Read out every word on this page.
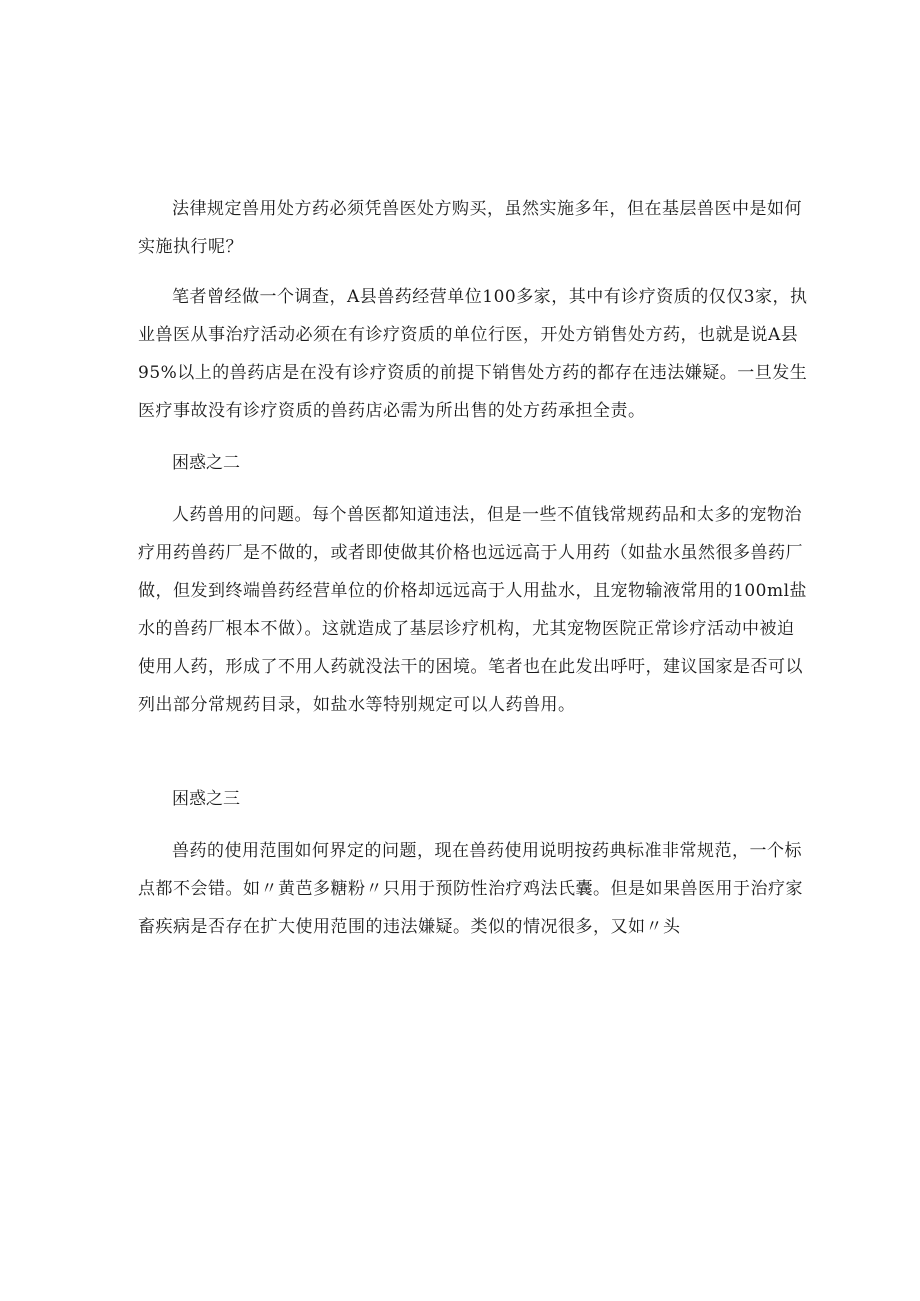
法律规定兽用处方药必须凭兽医处方购买，虽然实施多年，但在基层兽医中是如何
实施执行呢？

笔者曾经做一个调查，A县兽药经营单位100多家，其中有诊疗资质的仅仅3家，执
业兽医从事治疗活动必须在有诊疗资质的单位行医，开处方销售处方药，也就是说A县
95%以上的兽药店是在没有诊疗资质的前提下销售处方药的都存在违法嫌疑。一旦发生
医疗事故没有诊疗资质的兽药店必需为所出售的处方药承担全责。

困惑之二

人药兽用的问题。每个兽医都知道违法，但是一些不值钱常规药品和太多的宠物治
疗用药兽药厂是不做的，或者即使做其价格也远远高于人用药（如盐水虽然很多兽药厂
做，但发到终端兽药经营单位的价格却远远高于人用盐水，且宠物输液常用的100ml盐
水的兽药厂根本不做）。这就造成了基层诊疗机构，尤其宠物医院正常诊疗活动中被迫
使用人药，形成了不用人药就没法干的困境。笔者也在此发出呼吁，建议国家是否可以
列出部分常规药目录，如盐水等特别规定可以人药兽用。

困惑之三

兽药的使用范围如何界定的问题，现在兽药使用说明按药典标准非常规范，一个标
点都不会错。如〃黄芭多糖粉〃只用于预防性治疗鸡法氏囊。但是如果兽医用于治疗家
畜疾病是否存在扩大使用范围的违法嫌疑。类似的情况很多，又如〃头
